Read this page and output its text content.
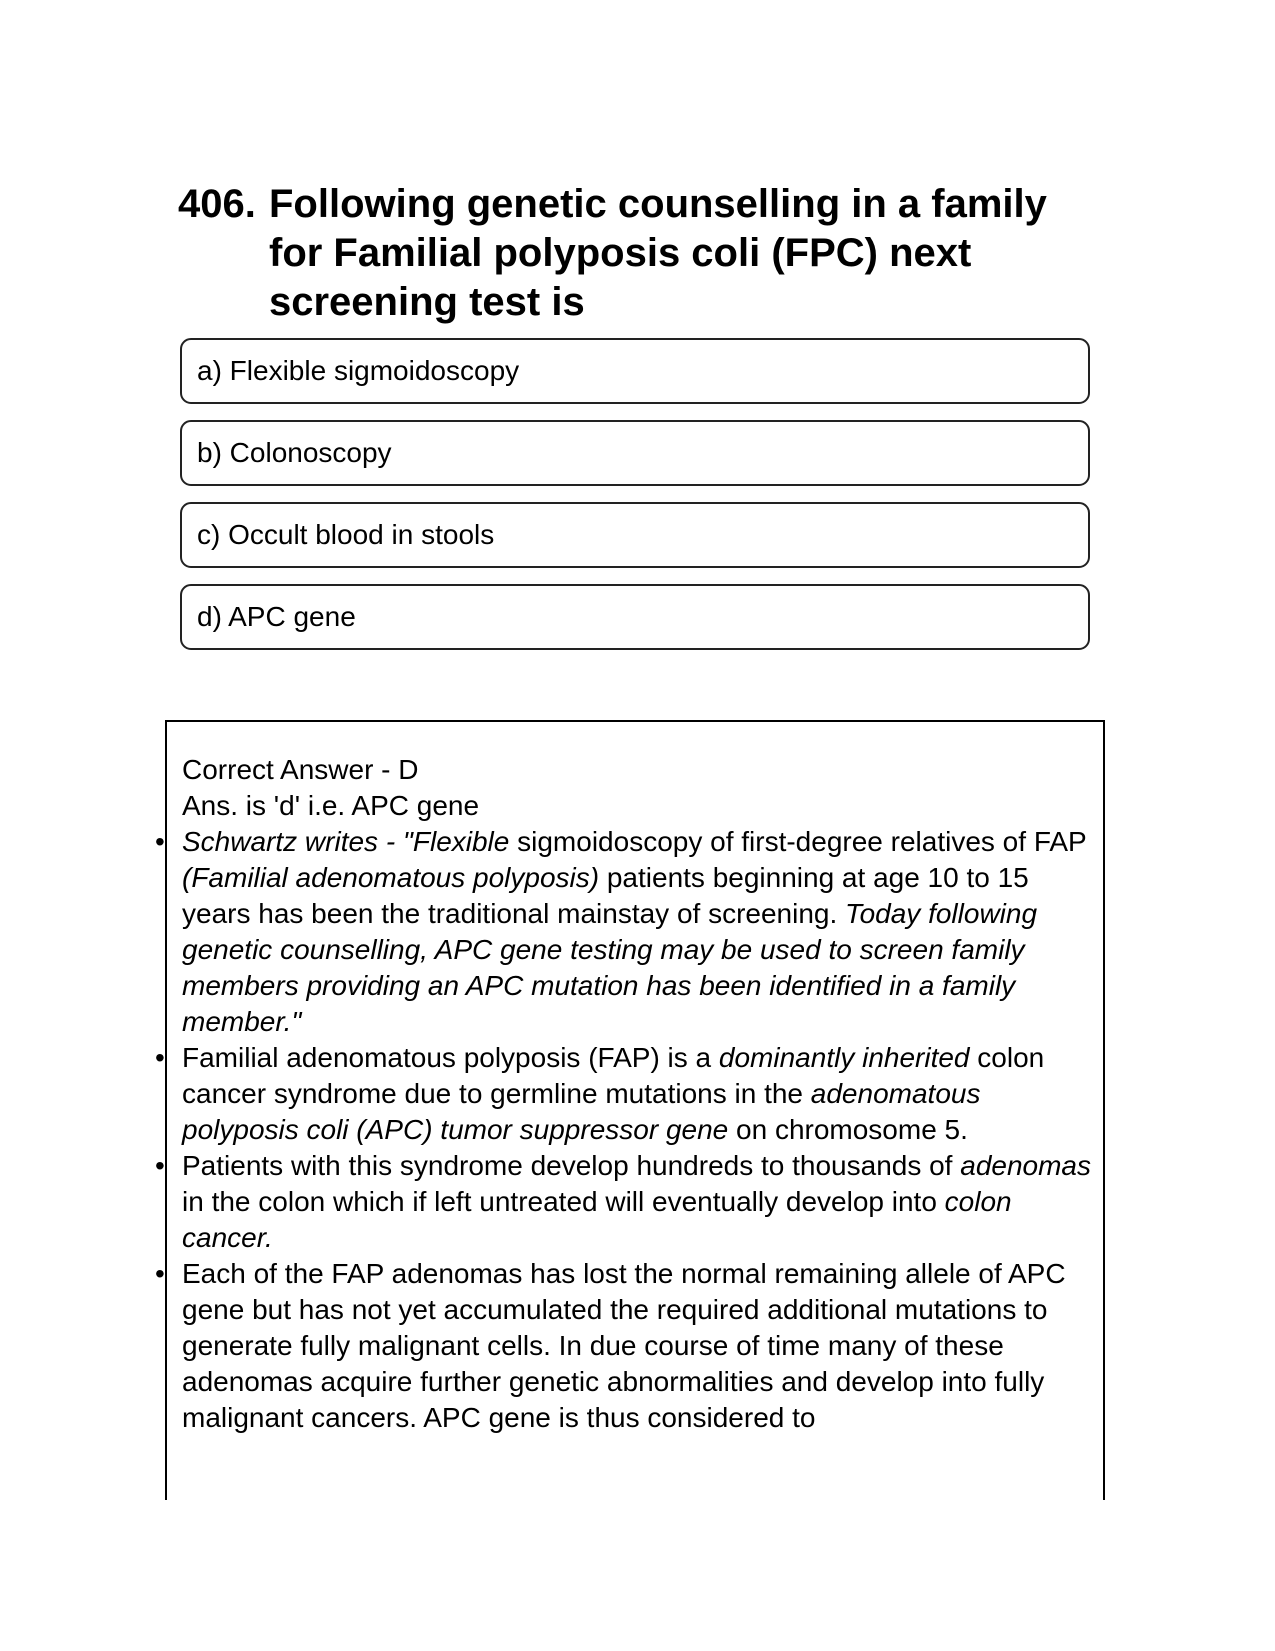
406. Following genetic counselling in a family for Familial polyposis coli (FPC) next screening test is
a) Flexible sigmoidoscopy
b) Colonoscopy
c) Occult blood in stools
d) APC gene

Correct Answer - D

Ans. is 'd' i.e. APC gene

• Schwartz writes - "Flexible sigmoidoscopy of first-degree relatives of FAP (Familial adenomatous polyposis) patients beginning at age 10 to 15 years has been the traditional mainstay of screening. Today following genetic counselling, APC gene testing may be used to screen family members providing an APC mutation has been identified in a family member."
• Familial adenomatous polyposis (FAP) is a dominantly inherited colon cancer syndrome due to germline mutations in the adenomatous polyposis coli (APC) tumor suppressor gene on chromosome 5.
• Patients with this syndrome develop hundreds to thousands of adenomas in the colon which if left untreated will eventually develop into colon cancer.
• Each of the FAP adenomas has lost the normal remaining allele of APC gene but has not yet accumulated the required additional mutations to generate fully malignant cells. In due course of time many of these adenomas acquire further genetic abnormalities and develop into fully malignant cancers. APC gene is thus considered to
